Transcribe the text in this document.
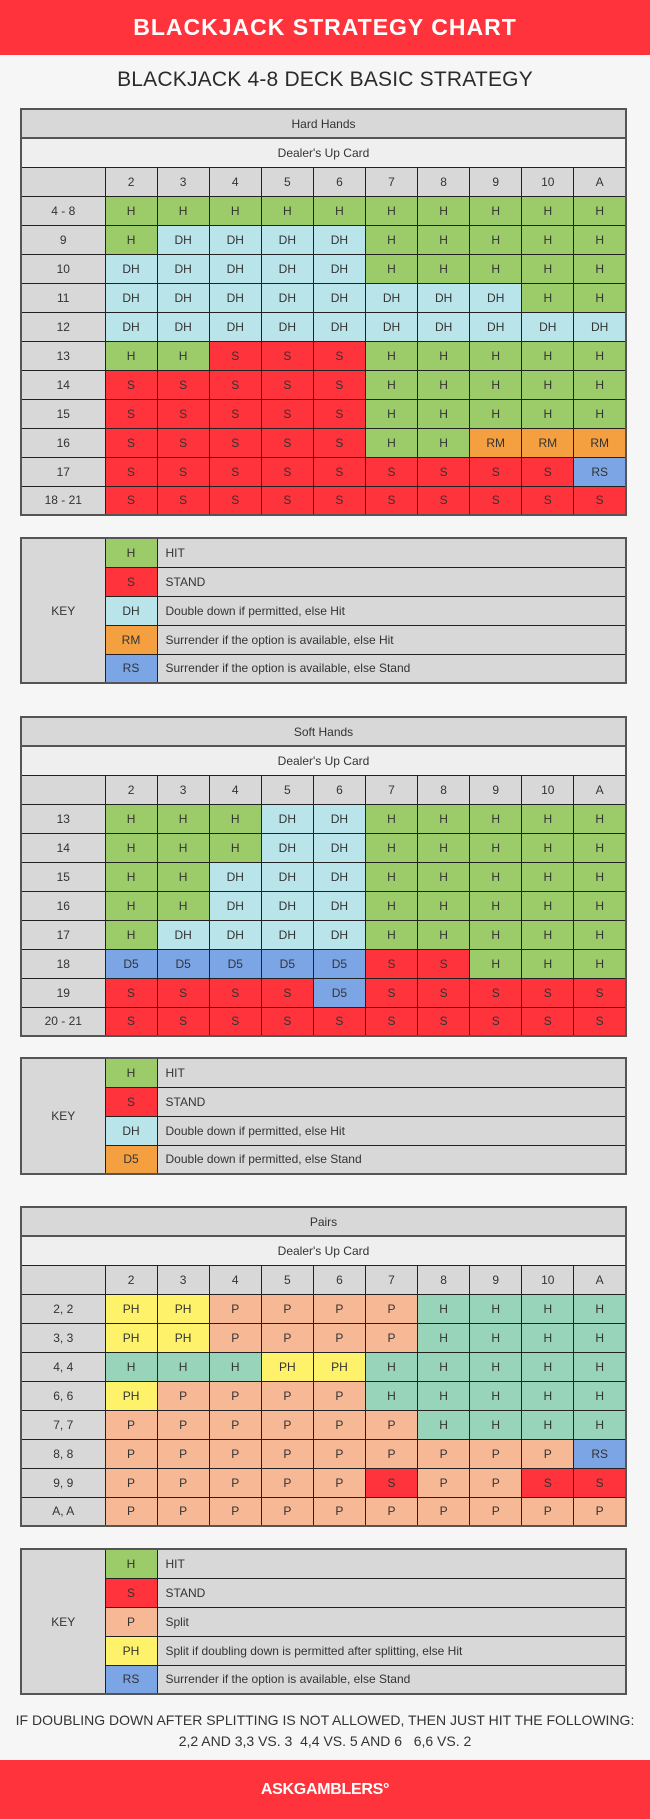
BLACKJACK STRATEGY CHART
BLACKJACK 4-8 DECK BASIC STRATEGY
Hard Hands										
Dealer's Up Card										
	2	3	4	5	6	7	8	9	10	A
4 - 8	H	H	H	H	H	H	H	H	H	H
9	H	DH	DH	DH	DH	H	H	H	H	H
10	DH	DH	DH	DH	DH	H	H	H	H	H
11	DH	DH	DH	DH	DH	DH	DH	DH	H	H
12	DH	DH	DH	DH	DH	DH	DH	DH	DH	DH
13	H	H	S	S	S	H	H	H	H	H
14	S	S	S	S	S	H	H	H	H	H
15	S	S	S	S	S	H	H	H	H	H
16	S	S	S	S	S	H	H	RM	RM	RM
17	S	S	S	S	S	S	S	S	S	RS
18 - 21	S	S	S	S	S	S	S	S	S	S
KEY	H	HIT
	S	STAND
	DH	Double down if permitted, else Hit
	RM	Surrender if the option is available, else Hit
	RS	Surrender if the option is available, else Stand
Soft Hands										
Dealer's Up Card										
	2	3	4	5	6	7	8	9	10	A
13	H	H	H	DH	DH	H	H	H	H	H
14	H	H	H	DH	DH	H	H	H	H	H
15	H	H	DH	DH	DH	H	H	H	H	H
16	H	H	DH	DH	DH	H	H	H	H	H
17	H	DH	DH	DH	DH	H	H	H	H	H
18	D5	D5	D5	D5	D5	S	S	H	H	H
19	S	S	S	S	D5	S	S	S	S	S
20 - 21	S	S	S	S	S	S	S	S	S	S
KEY	H	HIT
	S	STAND
	DH	Double down if permitted, else Hit
	D5	Double down if permitted, else Stand
Pairs										
Dealer's Up Card										
	2	3	4	5	6	7	8	9	10	A
2, 2	PH	PH	P	P	P	P	H	H	H	H
3, 3	PH	PH	P	P	P	P	H	H	H	H
4, 4	H	H	H	PH	PH	H	H	H	H	H
6, 6	PH	P	P	P	P	H	H	H	H	H
7, 7	P	P	P	P	P	P	H	H	H	H
8, 8	P	P	P	P	P	P	P	P	P	RS
9, 9	P	P	P	P	P	S	P	P	S	S
A, A	P	P	P	P	P	P	P	P	P	P
KEY	H	HIT
	S	STAND
	P	Split
	PH	Split if doubling down is permitted after splitting, else Hit
	RS	Surrender if the option is available, else Stand
IF DOUBLING DOWN AFTER SPLITTING IS NOT ALLOWED, THEN JUST HIT THE FOLLOWING:
2,2 AND 3,3 VS. 3  4,4 VS. 5 AND 6   6,6 VS. 2
ASKGAMBLERS°
